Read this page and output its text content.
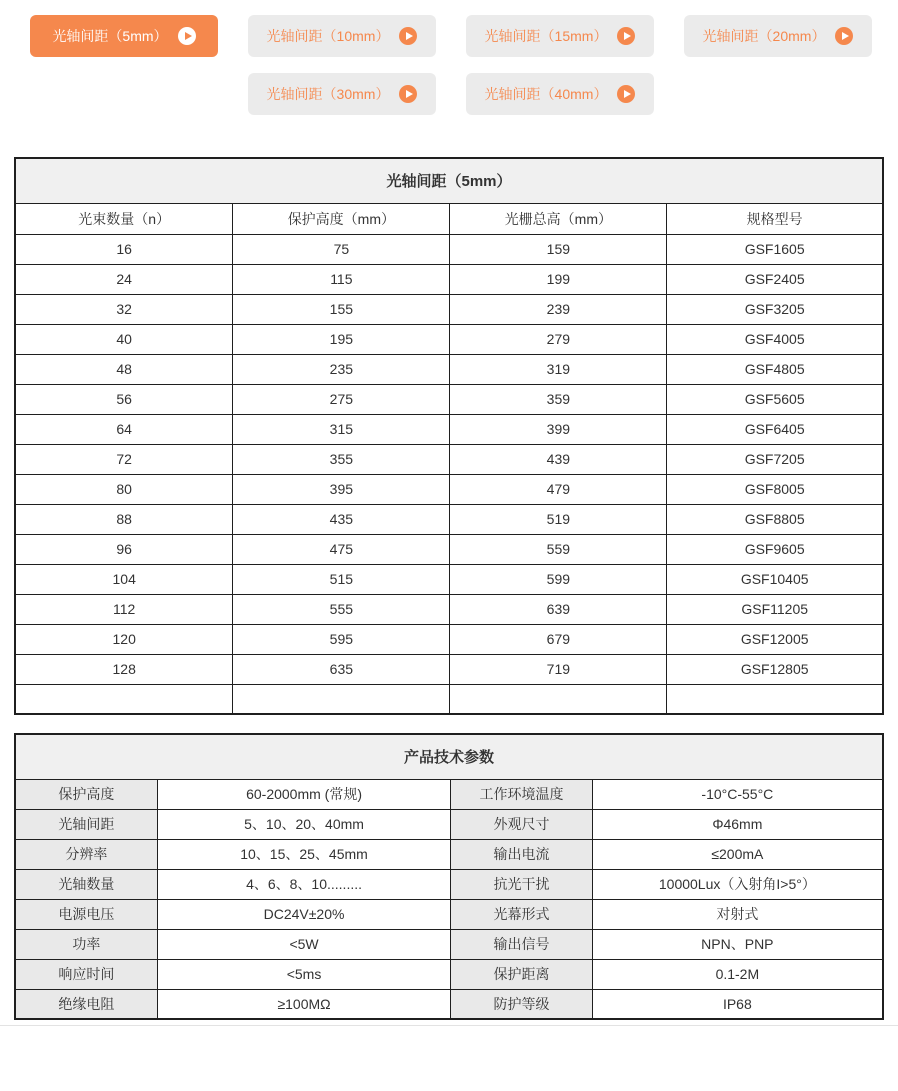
光轴间距（5mm）	光轴间距（10mm）	光轴间距（15mm）	光轴间距（20mm）
光轴间距（30mm）	光轴间距（40mm）
光轴间距（5mm）			
光束数量（n）	保护高度（mm）	光栅总高（mm）	规格型号
16	75	159	GSF1605
24	115	199	GSF2405
32	155	239	GSF3205
40	195	279	GSF4005
48	235	319	GSF4805
56	275	359	GSF5605
64	315	399	GSF6405
72	355	439	GSF7205
80	395	479	GSF8005
88	435	519	GSF8805
96	475	559	GSF9605
104	515	599	GSF10405
112	555	639	GSF11205
120	595	679	GSF12005
128	635	719	GSF12805

产品技术参数			
保护高度	60-2000mm (常规)	工作环境温度	-10°C-55°C
光轴间距	5、10、20、40mm	外观尺寸	Φ46mm
分辨率	10、15、25、45mm	输出电流	≤200mA
光轴数量	4、6、8、10.........	抗光干扰	10000Lux（入射角I>5°）
电源电压	DC24V±20%	光幕形式	对射式
功率	<5W	输出信号	NPN、PNP
响应时间	<5ms	保护距离	0.1-2M
绝缘电阻	≥100MΩ	防护等级	IP68
